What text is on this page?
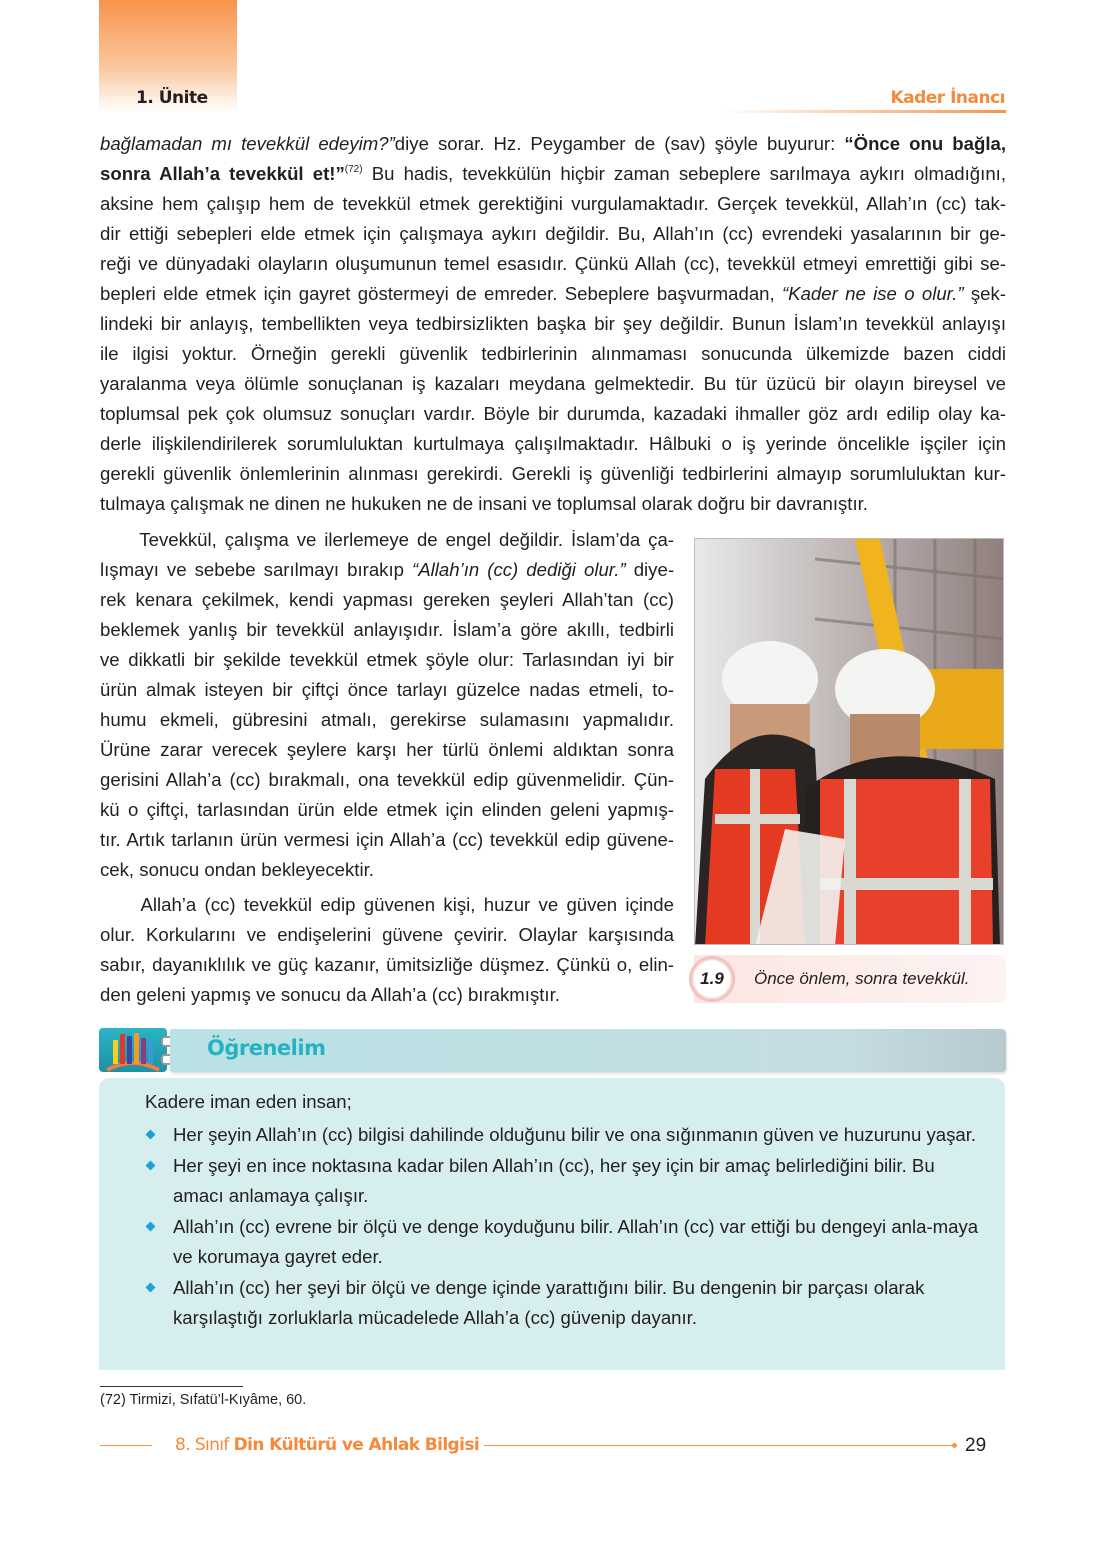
1. Ünite	Kader İnancı
bağlamadan mı tevekkül edeyim?”diye sorar. Hz. Peygamber de (sav) şöyle buyurur: “Önce onu bağla,
sonra Allah’a tevekkül et!”$^{(72)}$ Bu hadis, tevekkülün hiçbir zaman sebeplere sarılmaya aykırı olmadığını,
aksine hem çalışıp hem de tevekkül etmek gerektiğini vurgulamaktadır. Gerçek tevekkül, Allah’ın (cc) tak-
dir ettiği sebepleri elde etmek için çalışmaya aykırı değildir. Bu, Allah’ın (cc) evrendeki yasalarının bir ge-
reği ve dünyadaki olayların oluşumunun temel esasıdır. Çünkü Allah (cc), tevekkül etmeyi emrettiği gibi se-
bepleri elde etmek için gayret göstermeyi de emreder. Sebeplere başvurmadan, “Kader ne ise o olur.” şek-
lindeki bir anlayış, tembellikten veya tedbirsizlikten başka bir şey değildir. Bunun İslam’ın tevekkül anlayışı
ile ilgisi yoktur. Örneğin gerekli güvenlik tedbirlerinin alınmaması sonucunda ülkemizde bazen ciddi
yaralanma veya ölümle sonuçlanan iş kazaları meydana gelmektedir. Bu tür üzücü bir olayın bireysel ve
toplumsal pek çok olumsuz sonuçları vardır. Böyle bir durumda, kazadaki ihmaller göz ardı edilip olay ka-
derle ilişkilendirilerek sorumluluktan kurtulmaya çalışılmaktadır. Hâlbuki o iş yerinde öncelikle işçiler için
gerekli güvenlik önlemlerinin alınması gerekirdi. Gerekli iş güvenliği tedbirlerini almayıp sorumluluktan kur-
tulmaya çalışmak ne dinen ne hukuken ne de insani ve toplumsal olarak doğru bir davranıştır.
Tevekkül, çalışma ve ilerlemeye de engel değildir. İslam’da ça-
lışmayı ve sebebe sarılmayı bırakıp “Allah’ın (cc) dediği olur.” diye-
rek kenara çekilmek, kendi yapması gereken şeyleri Allah’tan (cc)
beklemek yanlış bir tevekkül anlayışıdır. İslam’a göre akıllı, tedbirli
ve dikkatli bir şekilde tevekkül etmek şöyle olur: Tarlasından iyi bir
ürün almak isteyen bir çiftçi önce tarlayı güzelce nadas etmeli, to-
humu ekmeli, gübresini atmalı, gerekirse sulamasını yapmalıdır.
Ürüne zarar verecek şeylere karşı her türlü önlemi aldıktan sonra
gerisini Allah’a (cc) bırakmalı, ona tevekkül edip güvenmelidir. Çün-
kü o çiftçi, tarlasından ürün elde etmek için elinden geleni yapmış-
tır. Artık tarlanın ürün vermesi için Allah’a (cc) tevekkül edip güvene-
cek, sonucu ondan bekleyecektir.
Allah’a (cc) tevekkül edip güvenen kişi, huzur ve güven içinde
olur. Korkularını ve endişelerini güvene çevirir. Olaylar karşısında
sabır, dayanıklılık ve güç kazanır, ümitsizliğe düşmez. Çünkü o, elin-
den geleni yapmış ve sonucu da Allah’a (cc) bırakmıştır.
1.9	Önce önlem, sonra tevekkül.
Öğrenelim
Kadere iman eden insan;
Her şeyin Allah’ın (cc) bilgisi dahilinde olduğunu bilir ve ona sığınmanın güven ve huzurunu yaşar.
Her şeyi en ince noktasına kadar bilen Allah’ın (cc), her şey için bir amaç belirlediğini bilir. Bu amacı anlamaya çalışır.
Allah’ın (cc) evrene bir ölçü ve denge koyduğunu bilir. Allah’ın (cc) var ettiği bu dengeyi anla-maya ve korumaya gayret eder.
Allah’ın (cc) her şeyi bir ölçü ve denge içinde yarattığını bilir. Bu dengenin bir parçası olarak karşılaştığı zorluklarla mücadelede Allah’a (cc) güvenip dayanır.
(72) Tirmizi, Sıfatü’l-Kıyâme, 60.
8. Sınıf Din Kültürü ve Ahlak Bilgisi	29
